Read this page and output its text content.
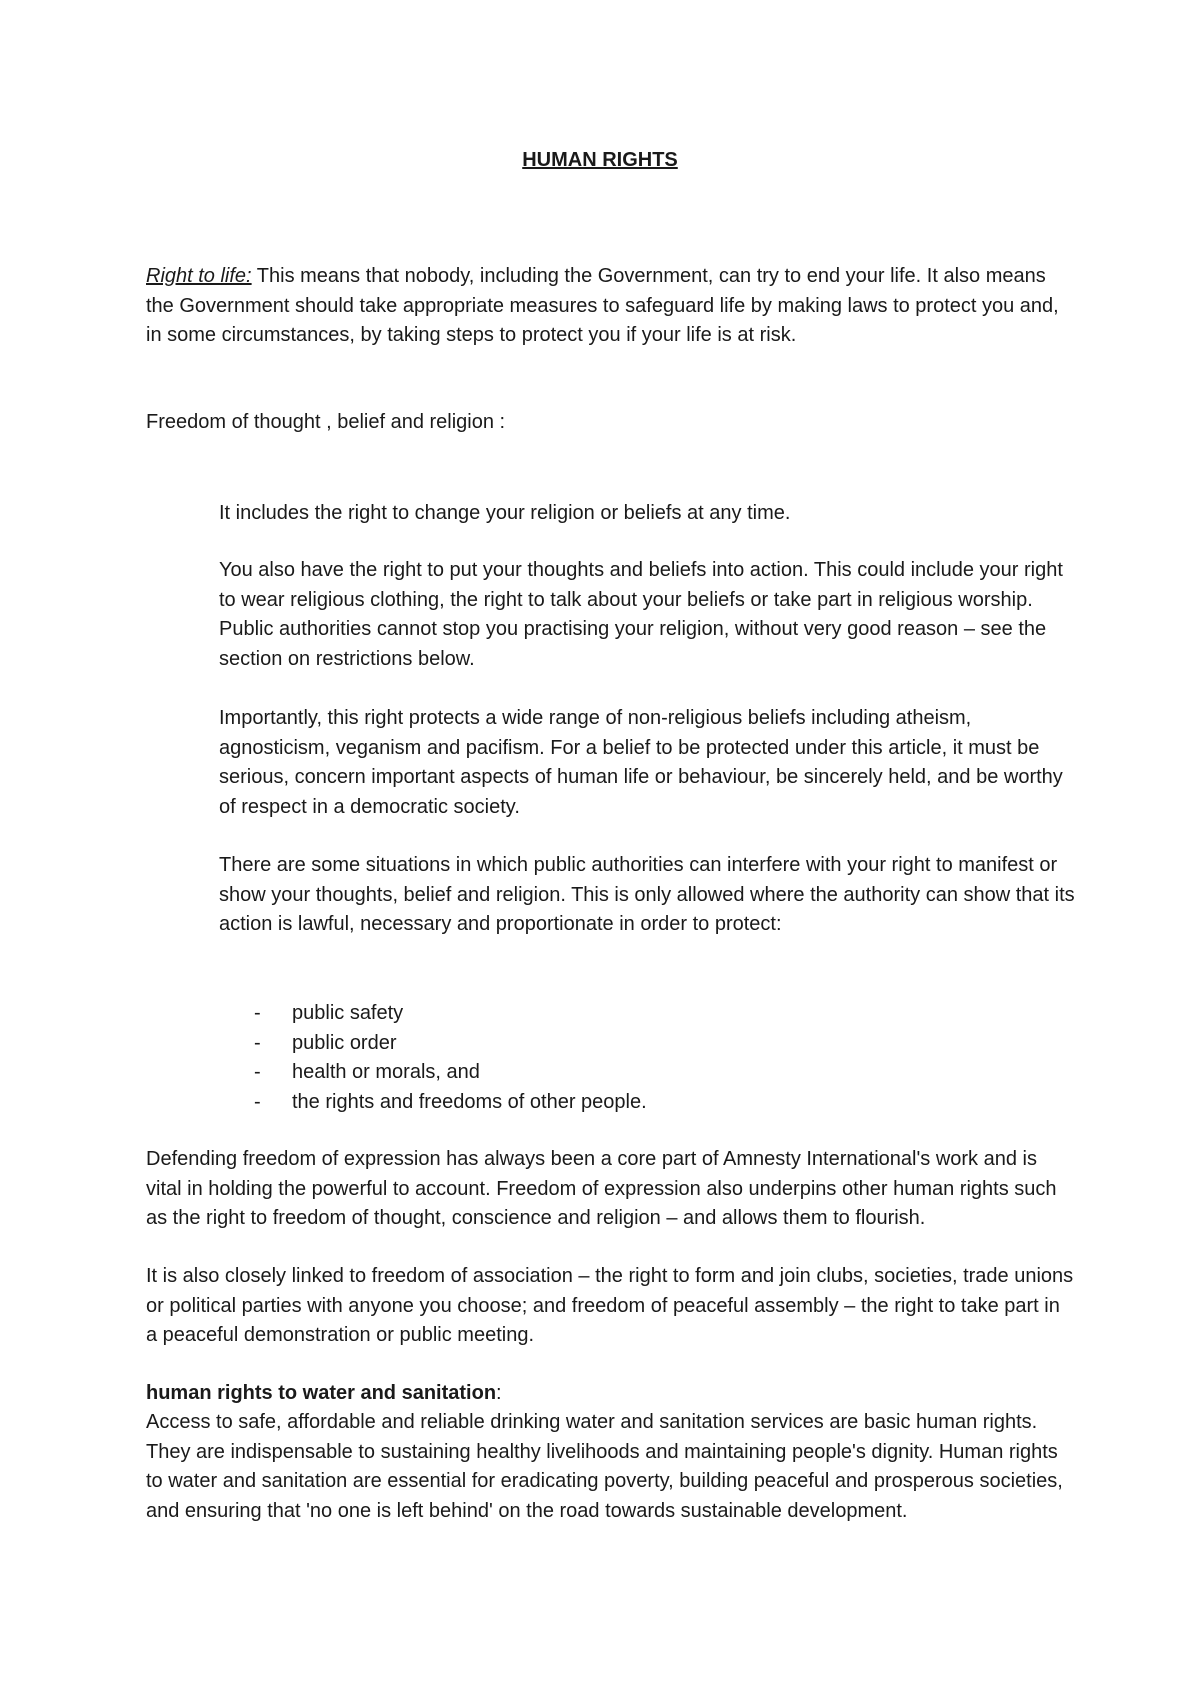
HUMAN RIGHTS

Right to life: This means that nobody, including the Government, can try to end your life. It also means the Government should take appropriate measures to safeguard life by making laws to protect you and, in some circumstances, by taking steps to protect you if your life is at risk.

Freedom of thought , belief and religion :

It includes the right to change your religion or beliefs at any time.

You also have the right to put your thoughts and beliefs into action. This could include your right to wear religious clothing, the right to talk about your beliefs or take part in religious worship. Public authorities cannot stop you practising your religion, without very good reason – see the section on restrictions below.

Importantly, this right protects a wide range of non-religious beliefs including atheism, agnosticism, veganism and pacifism. For a belief to be protected under this article, it must be serious, concern important aspects of human life or behaviour, be sincerely held, and be worthy of respect in a democratic society.

There are some situations in which public authorities can interfere with your right to manifest or show your thoughts, belief and religion. This is only allowed where the authority can show that its action is lawful, necessary and proportionate in order to protect:

- public safety
- public order
- health or morals, and
- the rights and freedoms of other people.

Defending freedom of expression has always been a core part of Amnesty International's work and is vital in holding the powerful to account. Freedom of expression also underpins other human rights such as the right to freedom of thought, conscience and religion – and allows them to flourish.

It is also closely linked to freedom of association – the right to form and join clubs, societies, trade unions or political parties with anyone you choose; and freedom of peaceful assembly – the right to take part in a peaceful demonstration or public meeting.

human rights to water and sanitation:

Access to safe, affordable and reliable drinking water and sanitation services are basic human rights. They are indispensable to sustaining healthy livelihoods and maintaining people's dignity. Human rights to water and sanitation are essential for eradicating poverty, building peaceful and prosperous societies, and ensuring that 'no one is left behind' on the road towards sustainable development.
